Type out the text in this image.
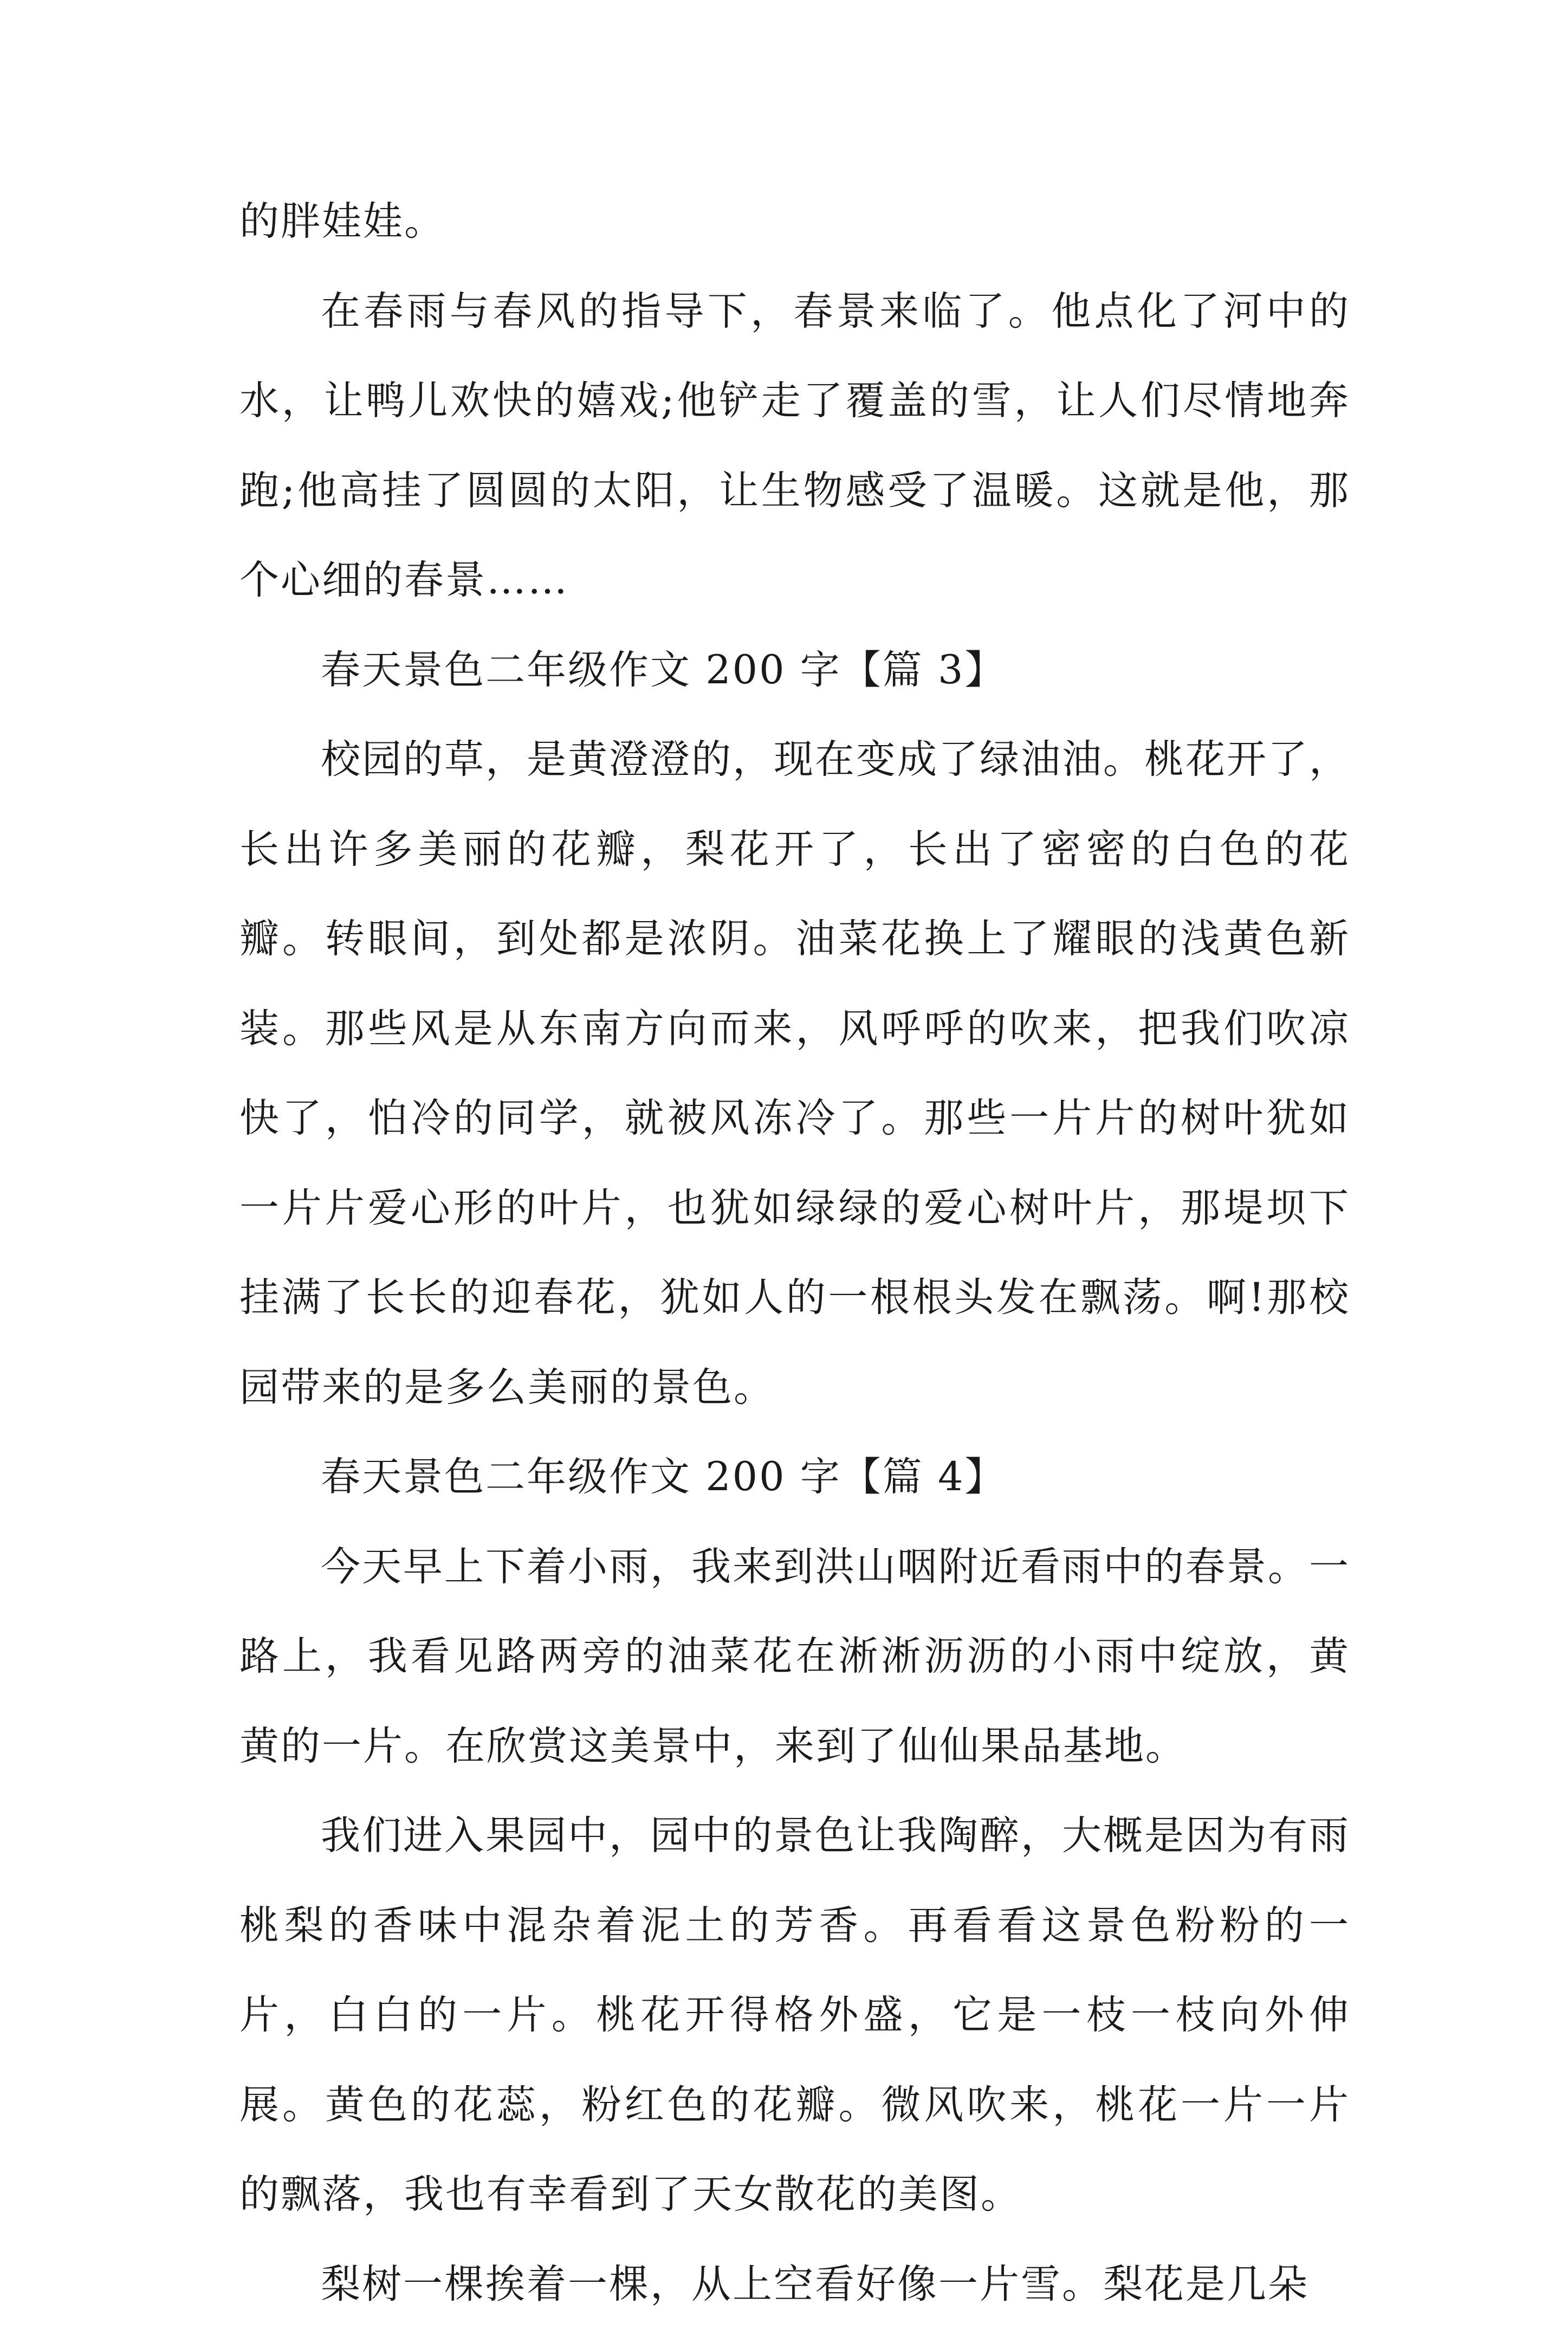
的胖娃娃。

在春雨与春风的指导下，春景来临了。他点化了河中的水，让鸭儿欢快的嬉戏;他铲走了覆盖的雪，让人们尽情地奔跑;他高挂了圆圆的太阳，让生物感受了温暖。这就是他，那个心细的春景……

春天景色二年级作文 200 字【篇 3】

校园的草，是黄澄澄的，现在变成了绿油油。桃花开了，长出许多美丽的花瓣，梨花开了，长出了密密的白色的花瓣。转眼间，到处都是浓阴。油菜花换上了耀眼的浅黄色新装。那些风是从东南方向而来，风呼呼的吹来，把我们吹凉快了，怕冷的同学，就被风冻冷了。那些一片片的树叶犹如一片片爱心形的叶片，也犹如绿绿的爱心树叶片，那堤坝下挂满了长长的迎春花，犹如人的一根根头发在飘荡。啊!那校园带来的是多么美丽的景色。

春天景色二年级作文 200 字【篇 4】

今天早上下着小雨，我来到洪山咽附近看雨中的春景。一路上，我看见路两旁的油菜花在淅淅沥沥的小雨中绽放，黄黄的一片。在欣赏这美景中，来到了仙仙果品基地。

我们进入果园中，园中的景色让我陶醉，大概是因为有雨桃梨的香味中混杂着泥土的芳香。再看看这景色粉粉的一片，白白的一片。桃花开得格外盛，它是一枝一枝向外伸展。黄色的花蕊，粉红色的花瓣。微风吹来，桃花一片一片的飘落，我也有幸看到了天女散花的美图。

梨树一棵挨着一棵，从上空看好像一片雪。梨花是几朵
